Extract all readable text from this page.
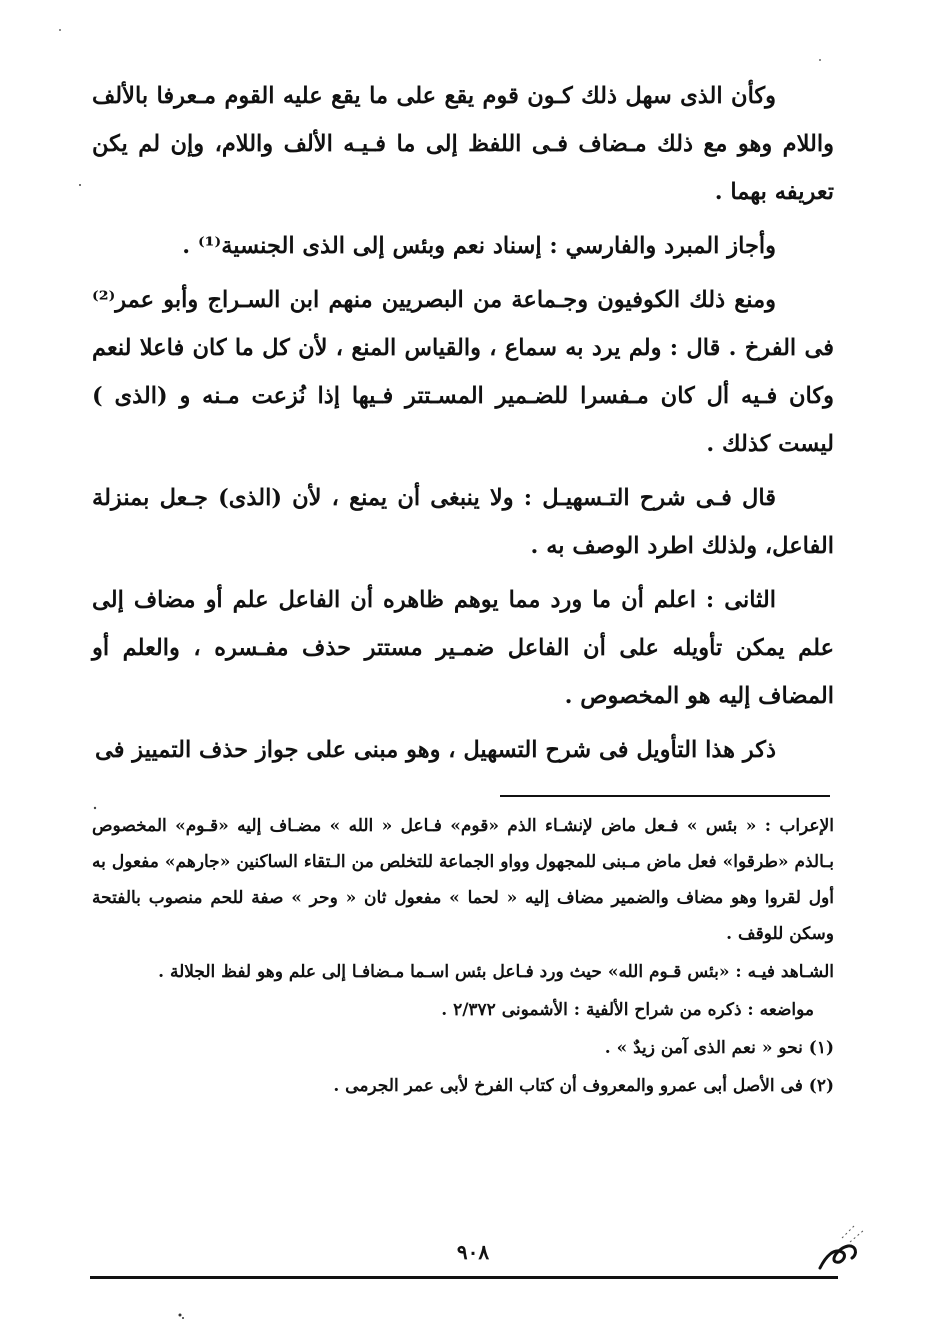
وكأن الذى سهل ذلك كـون قوم يقع على ما يقع عليه القوم مـعرفا بالألف واللام وهو مع ذلك مـضاف فـى اللفظ إلى ما فـيـه الألف واللام، وإن لم يكن تعريفه بهما .

وأجاز المبرد والفارسي : إسناد نعم وبئس إلى الذى الجنسية⁽¹⁾ .

ومنع ذلك الكوفيون وجـماعة من البصريين منهم ابن السـراج وأبو عمر⁽²⁾ فى الفرخ . قال : ولم يرد به سماع ، والقياس المنع ، لأن كل ما كان فاعلا لنعم وكان فـيه أل كان مـفسرا للضـمير المسـتتر فـيها إذا نُزعت مـنه و (الذى ) ليست كذلك .

قال فـى شرح التـسهيـل : ولا ينبغى أن يمنع ، لأن (الذى) جـعل بمنزلة الفاعل، ولذلك اطرد الوصف به .

الثانى : اعلم أن ما ورد مما يوهم ظاهره أن الفاعل علم أو مضاف إلى علم يمكن تأويله على أن الفاعل ضمـير مستتر حذف مفـسره ، والعلم أو المضاف إليه هو المخصوص .

ذكر هذا التأويل فى شرح التسهيل ، وهو مبنى على جواز حذف التمييز فى

الإعراب : « بئس » فـعل ماض لإنشـاء الذم «قوم» فـاعل « الله » مضـاف إليه «قـوم» المخصوص بـالذم «طرقوا» فعل ماض مـبنى للمجهول وواو الجماعة للتخلص من الـتقاء الساكنين «جارهم» مفعول به أول لقروا وهو مضاف والضمير مضاف إليه « لحما » مفعول ثان « وحر » صفة للحم منصوب بالفتحة وسكن للوقف .

الشـاهد فيـه : «بئس قـوم الله» حيث ورد فـاعل بئس اسـما مـضافـا إلى علم وهو لفظ الجلالة .

مواضعه : ذكره من شراح الألفية : الأشمونى ٢/٣٧٢ .

(١) نحو « نعم الذى آمن زيدٌ » .

(٢) فى الأصل أبى عمرو والمعروف أن كتاب الفرخ لأبى عمر الجرمى .

٩٠٨
